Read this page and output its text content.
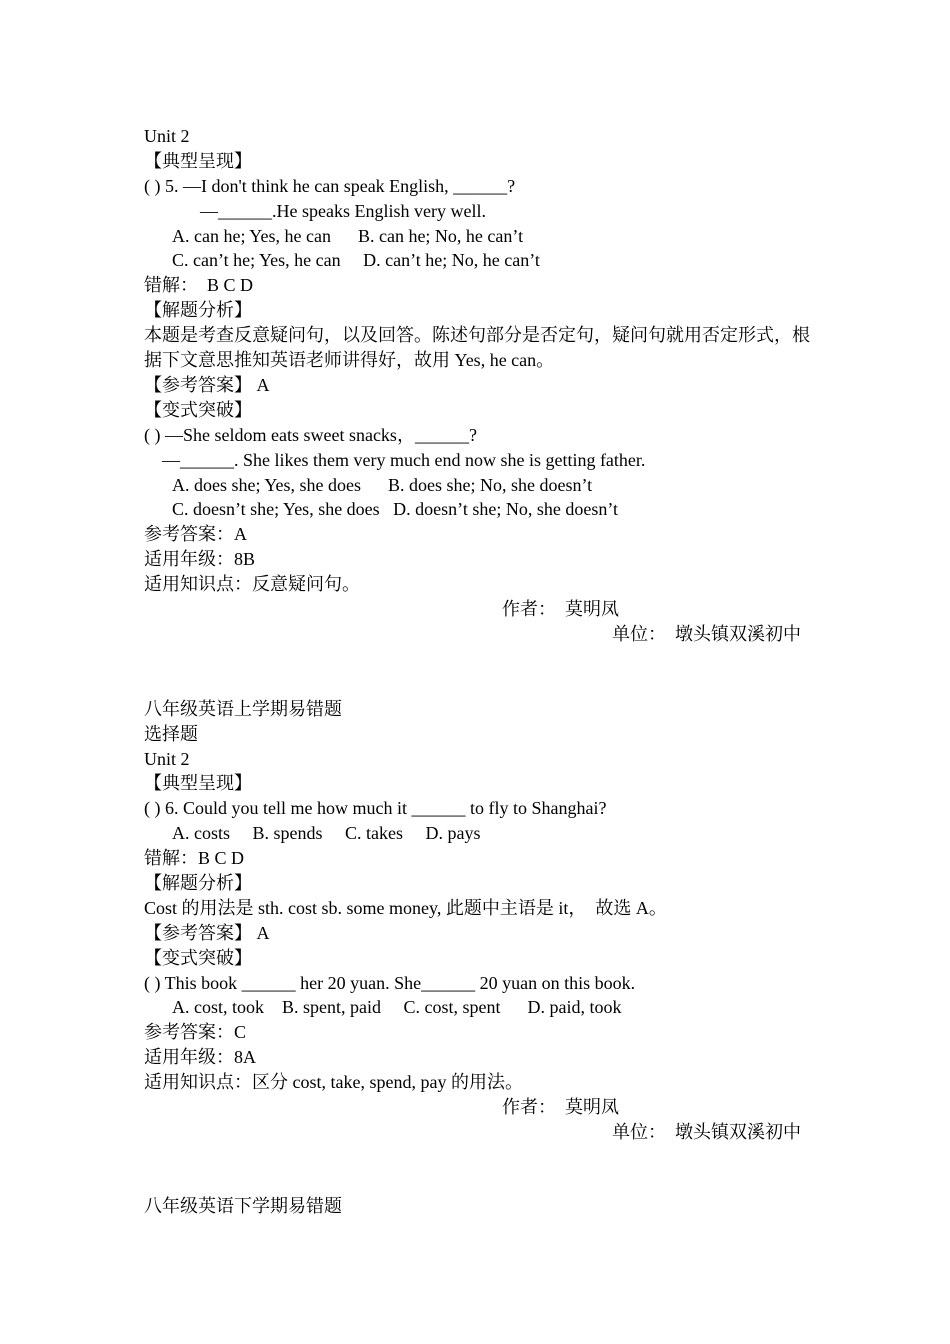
Unit 2
【典型呈现】
( ) 5. —I don't think he can speak English, ______?
—______.He speaks English very well.
A. can he; Yes, he can      B. can he; No, he can’t
C. can’t he; Yes, he can     D. can’t he; No, he can’t
错解：  B C D
【解题分析】
本题是考查反意疑问句，以及回答。陈述句部分是否定句，疑问句就用否定形式，根据下文意思推知英语老师讲得好，故用 Yes, he can。
【参考答案】 A
【变式突破】
( ) —She seldom eats sweet snacks，______?
—______. She likes them very much end now she is getting father.
A. does she; Yes, she does      B. does she; No, she doesn’t
C. doesn’t she; Yes, she does   D. doesn’t she; No, she doesn’t
参考答案：A
适用年级：8B
适用知识点：反意疑问句。
作者：  莫明凤
单位：  墩头镇双溪初中
八年级英语上学期易错题
选择题
Unit 2
【典型呈现】
( ) 6. Could you tell me how much it ______ to fly to Shanghai?
A. costs     B. spends     C. takes     D. pays
错解：B C D
【解题分析】
Cost 的用法是 sth. cost sb. some money, 此题中主语是 it，  故选 A。
【参考答案】 A
【变式突破】
( ) This book ______ her 20 yuan. She______ 20 yuan on this book.
A. cost, took    B. spent, paid     C. cost, spent      D. paid, took
参考答案：C
适用年级：8A
适用知识点：区分 cost, take, spend, pay 的用法。
作者：  莫明凤
单位：  墩头镇双溪初中
八年级英语下学期易错题
